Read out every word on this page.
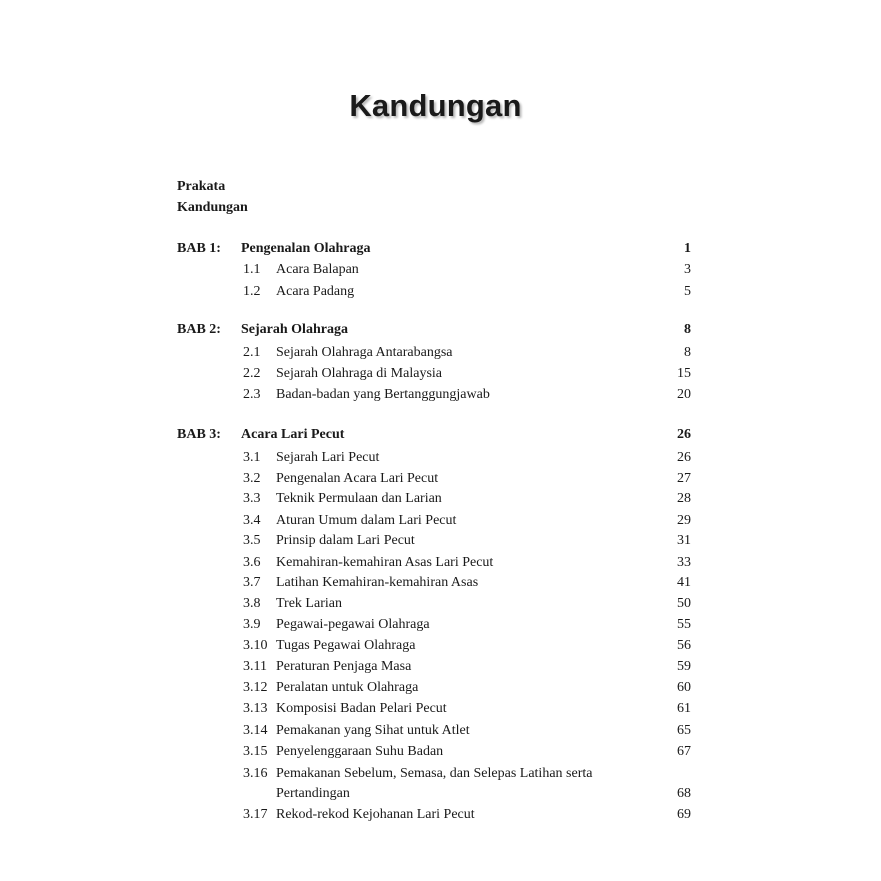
Kandungan
Prakata
Kandungan
BAB 1: Pengenalan Olahraga	1
1.1 Acara Balapan	3
1.2 Acara Padang	5
BAB 2: Sejarah Olahraga	8
2.1 Sejarah Olahraga Antarabangsa	8
2.2 Sejarah Olahraga di Malaysia	15
2.3 Badan-badan yang Bertanggungjawab	20
BAB 3: Acara Lari Pecut	26
3.1 Sejarah Lari Pecut	26
3.2 Pengenalan Acara Lari Pecut	27
3.3 Teknik Permulaan dan Larian	28
3.4 Aturan Umum dalam Lari Pecut	29
3.5 Prinsip dalam Lari Pecut	31
3.6 Kemahiran-kemahiran Asas Lari Pecut	33
3.7 Latihan Kemahiran-kemahiran Asas	41
3.8 Trek Larian	50
3.9 Pegawai-pegawai Olahraga	55
3.10 Tugas Pegawai Olahraga	56
3.11 Peraturan Penjaga Masa	59
3.12 Peralatan untuk Olahraga	60
3.13 Komposisi Badan Pelari Pecut	61
3.14 Pemakanan yang Sihat untuk Atlet	65
3.15 Penyelenggaraan Suhu Badan	67
3.16 Pemakanan Sebelum, Semasa, dan Selepas Latihan serta
Pertandingan	68
3.17 Rekod-rekod Kejohanan Lari Pecut	69
